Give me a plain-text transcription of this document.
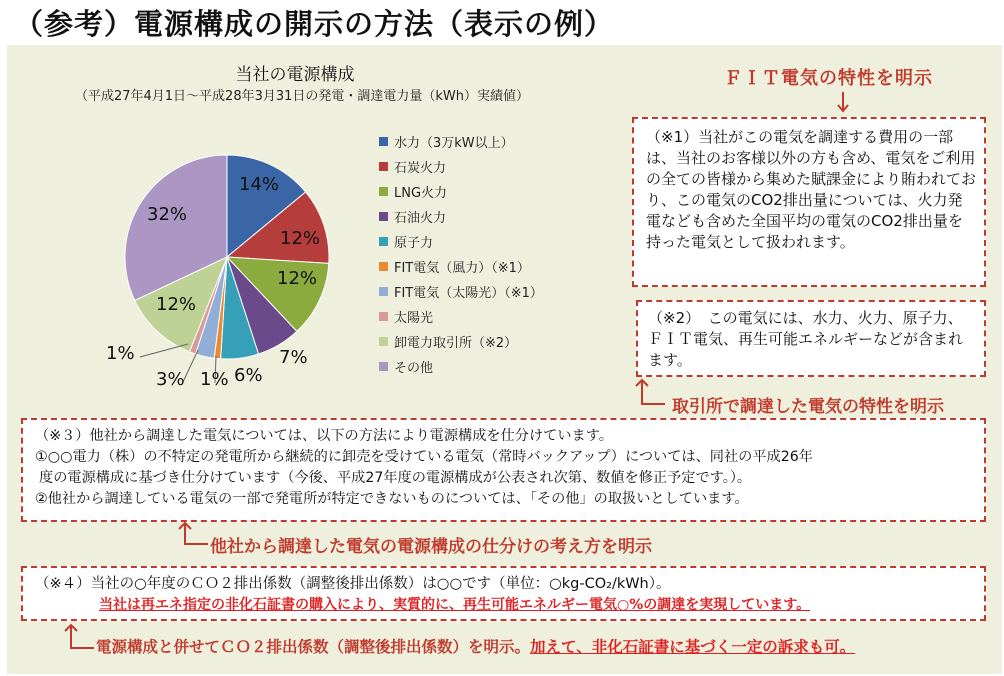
（参考）電源構成の開示の方法（表示の例）
当社の電源構成
（平成27年4月1日～平成28年3月31日の発電・調達電力量（kWh）実績値）
14%
12%
12%
7%
6%
1%
3%
1%
12%
32%
水力（3万kW以上）
石炭火力
LNG火力
石油火力
原子力
FIT電気（風力）（※1）
FIT電気（太陽光）（※1）
太陽光
卸電力取引所（※2）
その他
ＦＩＴ電気の特性を明示
（※1）当社がこの電気を調達する費用の一部は、当社のお客様以外の方も含め、電気をご利用の全ての皆様から集めた賦課金により賄われており、この電気のCO2排出量については、火力発電なども含めた全国平均の電気のCO2排出量を持った電気として扱われます。
（※2）　この電気には、水力、火力、原子力、ＦＩＴ電気、再生可能エネルギーなどが含まれます。
取引所で調達した電気の特性を明示
（※３）他社から調達した電気については、以下の方法により電源構成を仕分けています。
①○○電力（株）の不特定の発電所から継続的に卸売を受けている電気（常時バックアップ）については、同社の平成26年
度の電源構成に基づき仕分けています（今後、平成27年度の電源構成が公表され次第、数値を修正予定です。）。
②他社から調達している電気の一部で発電所が特定できないものについては、「その他」の取扱いとしています。
他社から調達した電気の電源構成の仕分けの考え方を明示
（※４）当社の○年度のＣＯ２排出係数（調整後排出係数）は○○です（単位：○kg-CO₂/kWh）。
当社は再エネ指定の非化石証書の購入により、実質的に、再生可能エネルギー電気○%の調達を実現しています。
電源構成と併せてＣＯ２排出係数（調整後排出係数）を明示。加えて、非化石証書に基づく一定の訴求も可。
